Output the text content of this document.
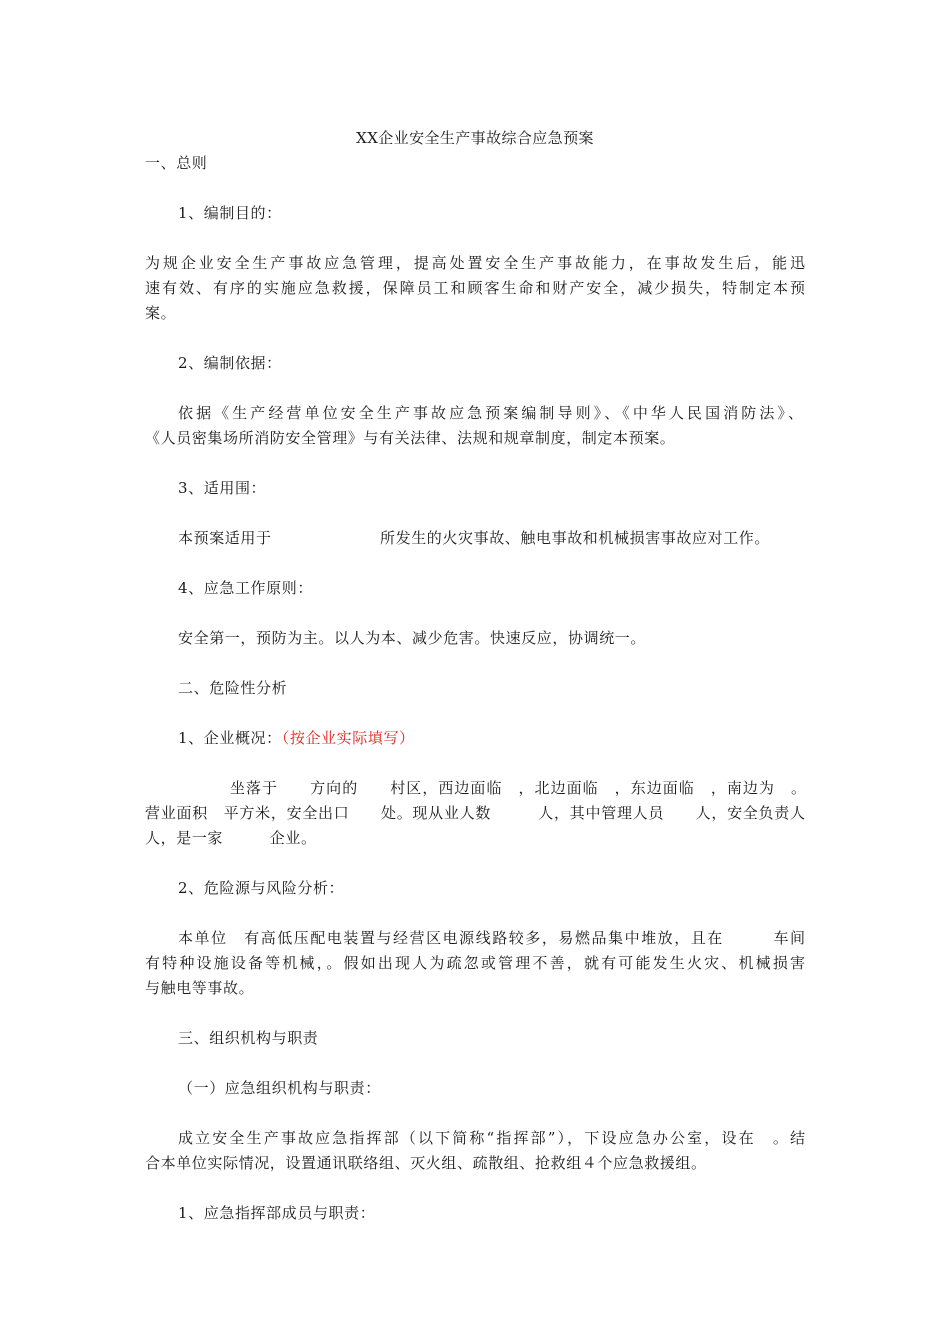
XX企业安全生产事故综合应急预案
一、总则
1、编制目的：
为规企业安全生产事故应急管理，提高处置安全生产事故能力，在事故发生后，能迅
速有效、有序的实施应急救援，保障员工和顾客生命和财产安全，减少损失，特制定本预
案。
2、编制依据：
依据《生产经营单位安全生产事故应急预案编制导则》、《中华人民国消防法》、
《人员密集场所消防安全管理》与有关法律、法规和规章制度，制定本预案。
3、适用围：
本预案适用于	所发生的火灾事故、触电事故和机械损害事故应对工作。
4、应急工作原则：
安全第一，预防为主。以人为本、减少危害。快速反应，协调统一。
二、危险性分析
1、企业概况：（按企业实际填写）
坐落于　　方向的　　村区，西边面临　，北边面临　，东边面临　，南边为　。
营业面积　平方米，安全出口　　处。现从业人数　　　人，其中管理人员　　人，安全负责人
人，是一家　　　企业。
2、危险源与风险分析：
本单位　有高低压配电装置与经营区电源线路较多，易燃品集中堆放，且在　　　车间
有特种设施设备等机械，。假如出现人为疏忽或管理不善，就有可能发生火灾、机械损害
与触电等事故。
三、组织机构与职责
（一）应急组织机构与职责：
成立安全生产事故应急指挥部（以下简称“指挥部”），下设应急办公室，设在　。结
合本单位实际情况，设置通讯联络组、灭火组、疏散组、抢救组４个应急救援组。
1、应急指挥部成员与职责：
